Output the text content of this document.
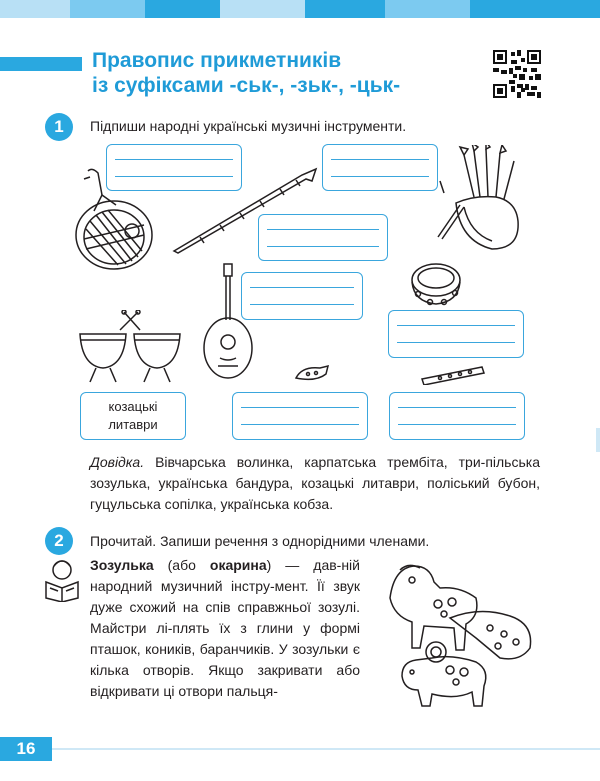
Правопис прикметників
із суфіксами -ськ-, -зьк-, -цьк-
1	Підпиши народні українські музичні інструменти.
козацькі
литаври
Довідка. Вівчарська волинка, карпатська трембіта, три-пільська зозулька, українська бандура, козацькі литаври, поліський бубон, гуцульська сопілка, українська кобза.
2	Прочитай. Запиши речення з однорідними членами.
Зозулька (або окарина) — дав-ній народний музичний інстру-мент. Її звук дуже схожий на спів справжньої зозулі. Майстри лі-плять їх з глини у формі пташок, коників, баранчиків. У зозульки є кілька отворів. Якщо закривати або відкривати ці отвори пальця-
16
